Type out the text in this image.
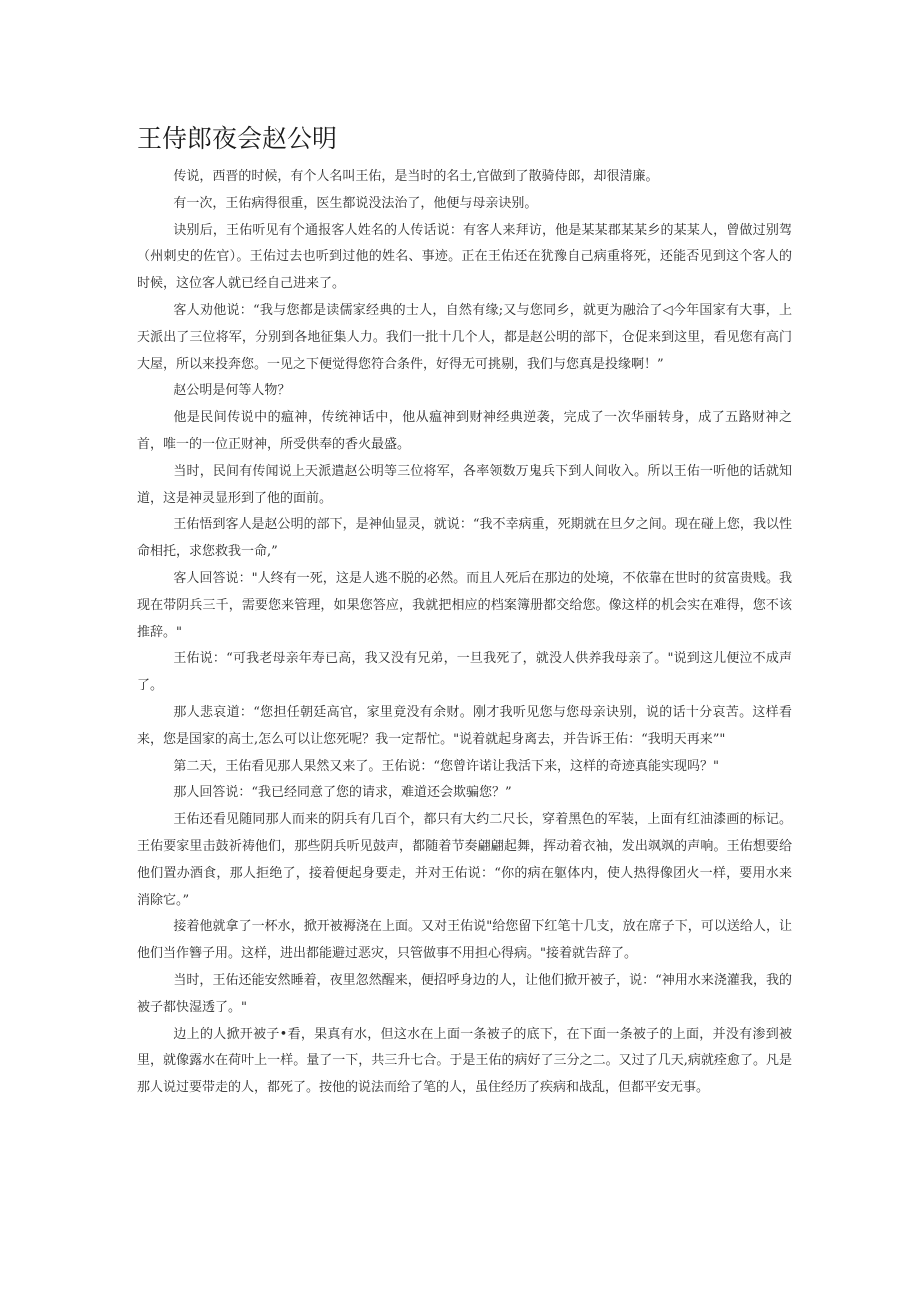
王侍郎夜会赵公明

传说，西晋的时候，有个人名叫王佑，是当时的名士,官做到了散骑侍郎，却很清廉。

有一次，王佑病得很重，医生都说没法治了，他便与母亲诀别。

诀别后，王佑听见有个通报客人姓名的人传话说：有客人来拜访，他是某某郡某某乡的某某人，曾做过别驾（州刺史的佐官）。王佑过去也听到过他的姓名、事迹。正在王佑还在犹豫自己病重将死，还能否见到这个客人的时候，这位客人就已经自己进来了。

客人劝他说：“我与您都是读儒家经典的士人，自然有缘;又与您同乡，就更为融洽了◁今年国家有大事，上天派出了三位将军，分别到各地征集人力。我们一批十几个人，都是赵公明的部下，仓促来到这里，看见您有高门大屋，所以来投奔您。一见之下便觉得您符合条件，好得无可挑剔，我们与您真是投缘啊！”

赵公明是何等人物？

他是民间传说中的瘟神，传统神话中，他从瘟神到财神经典逆袭，完成了一次华丽转身，成了五路财神之首，唯一的一位正财神，所受供奉的香火最盛。

当时，民间有传闻说上天派遣赵公明等三位将军，各率领数万鬼兵下到人间收入。所以王佑一听他的话就知道，这是神灵显形到了他的面前。

王佑悟到客人是赵公明的部下，是神仙显灵，就说：“我不幸病重，死期就在旦夕之间。现在碰上您，我以性命相托，求您救我一命,”

客人回答说："人终有一死，这是人逃不脱的必然。而且人死后在那边的处境，不依靠在世时的贫富贵贱。我现在带阴兵三千，需要您来管理，如果您答应，我就把相应的档案簿册都交给您。像这样的机会实在难得，您不该推辞。"

王佑说：“可我老母亲年寿已高，我又没有兄弟，一旦我死了，就没人供养我母亲了。"说到这儿便泣不成声了。

那人悲哀道：“您担任朝廷高官，家里竟没有余财。刚才我听见您与您母亲诀别，说的话十分哀苦。这样看来，您是国家的高士,怎么可以让您死呢？我一定帮忙。"说着就起身离去，并告诉王佑：“我明天再来”"

第二天，王佑看见那人果然又来了。王佑说：“您曾许诺让我活下来，这样的奇迹真能实现吗？"

那人回答说：“我已经同意了您的请求，难道还会欺骗您？”

王佑还看见随同那人而来的阴兵有几百个，都只有大约二尺长，穿着黑色的军装，上面有红油漆画的标记。王佑要家里击鼓祈祷他们，那些阴兵听见鼓声，都随着节奏翩翩起舞，挥动着衣袖，发出飒飒的声响。王佑想要给他们置办酒食，那人拒绝了，接着便起身要走，并对王佑说：“你的病在躯体内，使人热得像团火一样，要用水来消除它。”

接着他就拿了一杯水，掀开被褥浇在上面。又对王佑说"给您留下红笔十几支，放在席子下，可以送给人，让他们当作簪子用。这样，进出都能避过恶灾，只管做事不用担心得病。"接着就告辞了。

当时，王佑还能安然睡着，夜里忽然醒来，便招呼身边的人，让他们掀开被子，说：“神用水来浇灌我，我的被子都快湿透了。"

边上的人掀开被子•看，果真有水，但这水在上面一条被子的底下，在下面一条被子的上面，并没有渗到被里，就像露水在荷叶上一样。量了一下，共三升七合。于是王佑的病好了三分之二。又过了几天,病就痊愈了。凡是那人说过要带走的人，都死了。按他的说法而给了笔的人，虽住经历了疾病和战乱，但都平安无事。
